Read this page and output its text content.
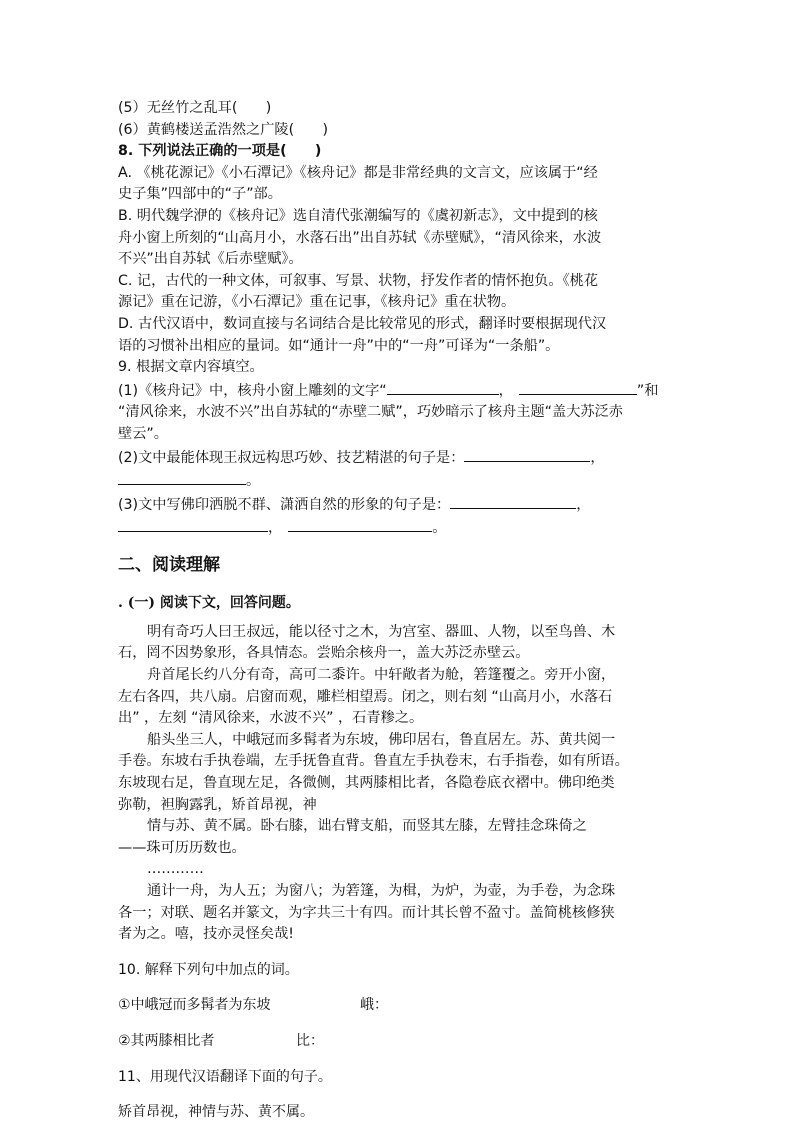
(5）无丝竹之乱耳(　　)

(6）黄鹤楼送孟浩然之广陵(　　)

8. 下列说法正确的一项是(　　)

A. 《桃花源记》《小石潭记》《核舟记》都是非常经典的文言文，应该属于“经

史子集”四部中的“子”部。

B. 明代魏学洢的《核舟记》选自清代张潮编写的《虞初新志》，文中提到的核

舟小窗上所刻的“山高月小，水落石出”出自苏轼《赤壁赋》，“清风徐来，水波

不兴”出自苏轼《后赤壁赋》。

C. 记，古代的一种文体，可叙事、写景、状物，抒发作者的情怀抱负。《桃花

源记》重在记游，《小石潭记》重在记事，《核舟记》重在状物。

D. 古代汉语中，数词直接与名词结合是比较常见的形式，翻译时要根据现代汉

语的习惯补出相应的量词。如“通计一舟”中的“一舟”可译为“一条船”。

9. 根据文章内容填空。

(1)《核舟记》中，核舟小窗上雕刻的文字“	，	”和

“清风徐来，水波不兴”出自苏轼的“赤壁二赋”，巧妙暗示了核舟主题“盖大苏泛赤

壁云”。

(2)文中最能体现王叔远构思巧妙、技艺精湛的句子是：	，

。

(3)文中写佛印洒脱不群、潇洒自然的形象的句子是：	，

，	。

二、阅读理解
. (一) 阅读下文，回答问题。

明有奇巧人曰王叔远，能以径寸之木，为宫室、器皿、人物，以至鸟兽、木

石，罔不因势象形，各具情态。尝贻余核舟一，盖大苏泛赤壁云。

舟首尾长约八分有奇，高可二黍许。中轩敞者为舱，箬篷覆之。旁开小窗，

左右各四，共八扇。启窗而观，雕栏相望焉。闭之，则右刻 “山高月小，水落石

出” ，左刻 “清风徐来，水波不兴” ，石青糁之。

船头坐三人，中峨冠而多髯者为东坡，佛印居右，鲁直居左。苏、黄共阅一

手卷。东坡右手执卷端，左手抚鲁直背。鲁直左手执卷末，右手指卷，如有所语。

东坡现右足，鲁直现左足，各微侧，其两膝相比者，各隐卷底衣褶中。佛印绝类

弥勒，袒胸露乳，矫首昂视，神

情与苏、黄不属。卧右膝，诎右臂支船，而竖其左膝，左臂挂念珠倚之

——珠可历历数也。

…………

通计一舟，为人五；为窗八；为箬篷，为楫，为炉，为壶，为手卷，为念珠

各一；对联、题名并篆文，为字共三十有四。而计其长曾不盈寸。盖简桃核修狭

者为之。嘻，技亦灵怪矣哉!

10. 解释下列句中加点的词。

①中峨冠而多髯者为东坡	峨：

②其两膝相比者	比：

11、用现代汉语翻译下面的句子。

矫首昂视，神情与苏、黄不属。
